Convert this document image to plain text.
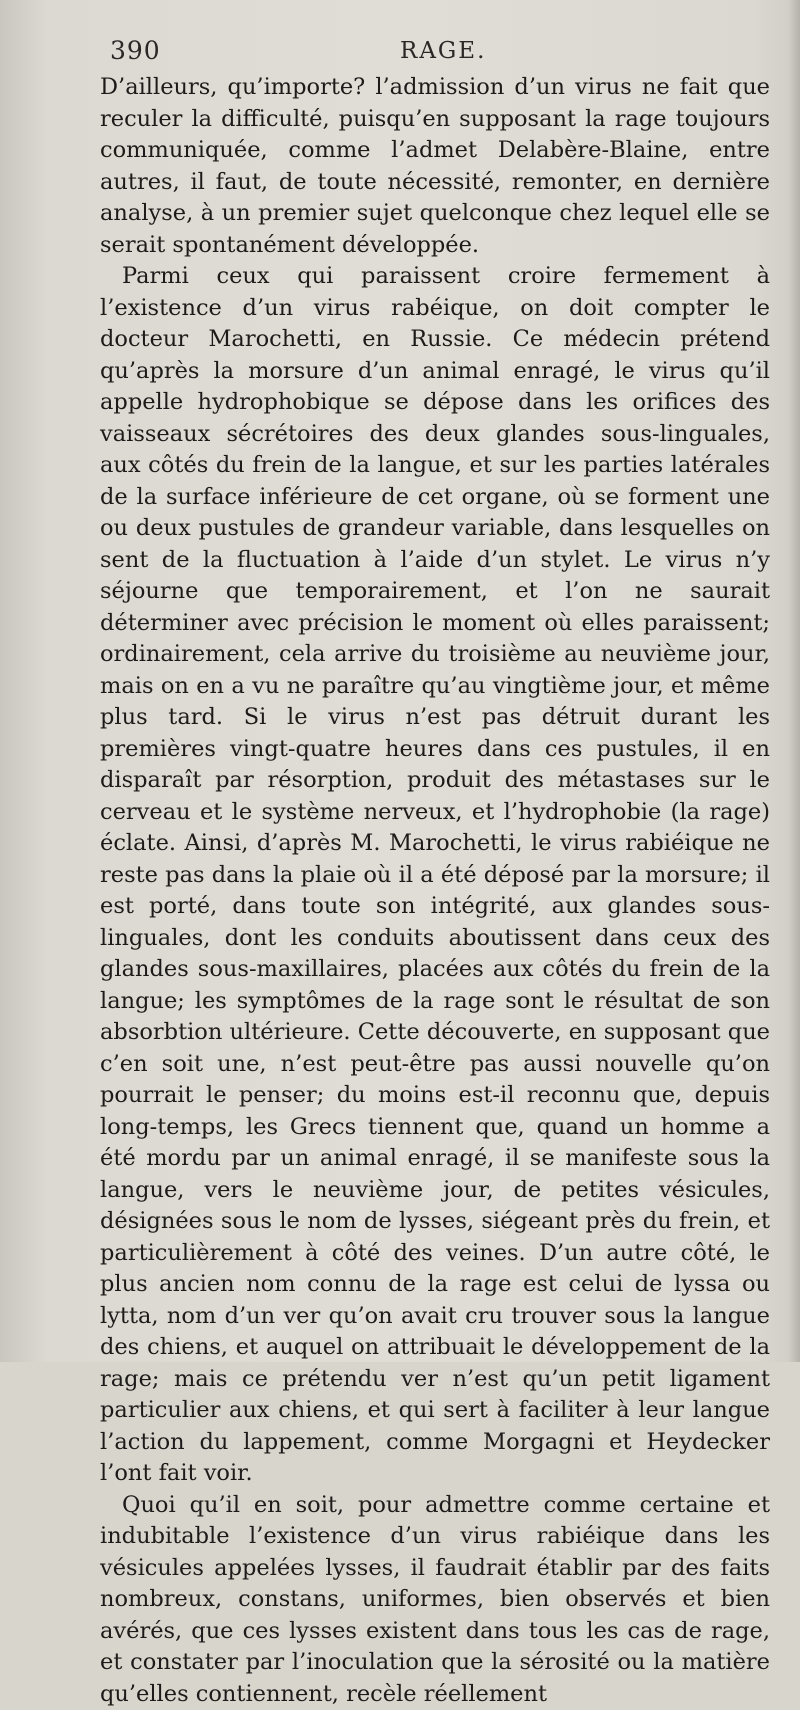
390	RAGE.

D’ailleurs, qu’importe? l’admission d’un virus ne fait que reculer la difficulté, puisqu’en supposant la rage toujours communiquée, comme l’admet Delabère-Blaine, entre autres, il faut, de toute nécessité, remonter, en dernière analyse, à un premier sujet quelconque chez lequel elle se serait spontanément développée.

Parmi ceux qui paraissent croire fermement à l’existence d’un virus rabéique, on doit compter le docteur Marochetti, en Russie. Ce médecin prétend qu’après la morsure d’un animal enragé, le virus qu’il appelle hydrophobique se dépose dans les orifices des vaisseaux sécrétoires des deux glandes sous-linguales, aux côtés du frein de la langue, et sur les parties latérales de la surface inférieure de cet organe, où se forment une ou deux pustules de grandeur variable, dans lesquelles on sent de la fluctuation à l’aide d’un stylet. Le virus n’y séjourne que temporairement, et l’on ne saurait déterminer avec précision le moment où elles paraissent; ordinairement, cela arrive du troisième au neuvième jour, mais on en a vu ne paraître qu’au vingtième jour, et même plus tard. Si le virus n’est pas détruit durant les premières vingt-quatre heures dans ces pustules, il en disparaît par résorption, produit des métastases sur le cerveau et le système nerveux, et l’hydrophobie (la rage) éclate. Ainsi, d’après M. Marochetti, le virus rabiéique ne reste pas dans la plaie où il a été déposé par la morsure; il est porté, dans toute son intégrité, aux glandes sous-linguales, dont les conduits aboutissent dans ceux des glandes sous-maxillaires, placées aux côtés du frein de la langue; les symptômes de la rage sont le résultat de son absorbtion ultérieure. Cette découverte, en supposant que c’en soit une, n’est peut-être pas aussi nouvelle qu’on pourrait le penser; du moins est-il reconnu que, depuis long-temps, les Grecs tiennent que, quand un homme a été mordu par un animal enragé, il se manifeste sous la langue, vers le neuvième jour, de petites vésicules, désignées sous le nom de lysses, siégeant près du frein, et particulièrement à côté des veines. D’un autre côté, le plus ancien nom connu de la rage est celui de lyssa ou lytta, nom d’un ver qu’on avait cru trouver sous la langue des chiens, et auquel on attribuait le développement de la rage; mais ce prétendu ver n’est qu’un petit ligament particulier aux chiens, et qui sert à faciliter à leur langue l’action du lappement, comme Morgagni et Heydecker l’ont fait voir.

Quoi qu’il en soit, pour admettre comme certaine et indubitable l’existence d’un virus rabiéique dans les vésicules appelées lysses, il faudrait établir par des faits nombreux, constans, uniformes, bien observés et bien avérés, que ces lysses existent dans tous les cas de rage, et constater par l’inoculation que la sérosité ou la matière qu’elles contiennent, recèle réellement
